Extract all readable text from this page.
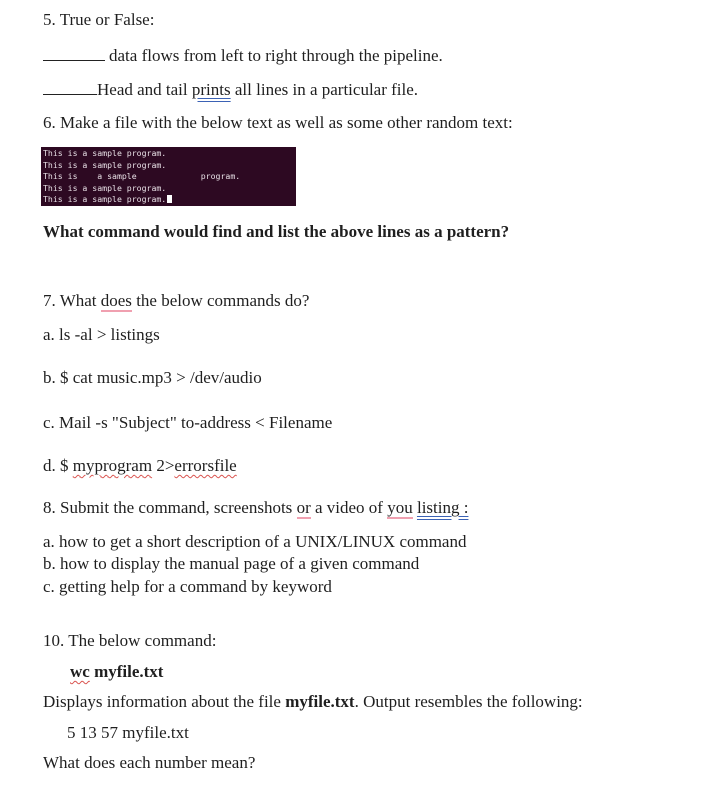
5. True or False:
data flows from left to right through the pipeline.
Head and tail prints all lines in a particular file.
6. Make a file with the below text as well as some other random text:
This is a sample program.
This is a sample program.
This is    a sample             program.
This is a sample program.
This is a sample program.
What command would find and list the above lines as a pattern?
7. What does the below commands do?
a. ls -al > listings
b. $ cat music.mp3 > /dev/audio
c. Mail -s "Subject" to-address < Filename
d. $ myprogram 2>errorsfile
8. Submit the command, screenshots or a video of you listing :
a. how to get a short description of a UNIX/LINUX command
b. how to display the manual page of a given command
c. getting help for a command by keyword
10. The below command:
wc myfile.txt
Displays information about the file myfile.txt. Output resembles the following:
5 13 57 myfile.txt
What does each number mean?
